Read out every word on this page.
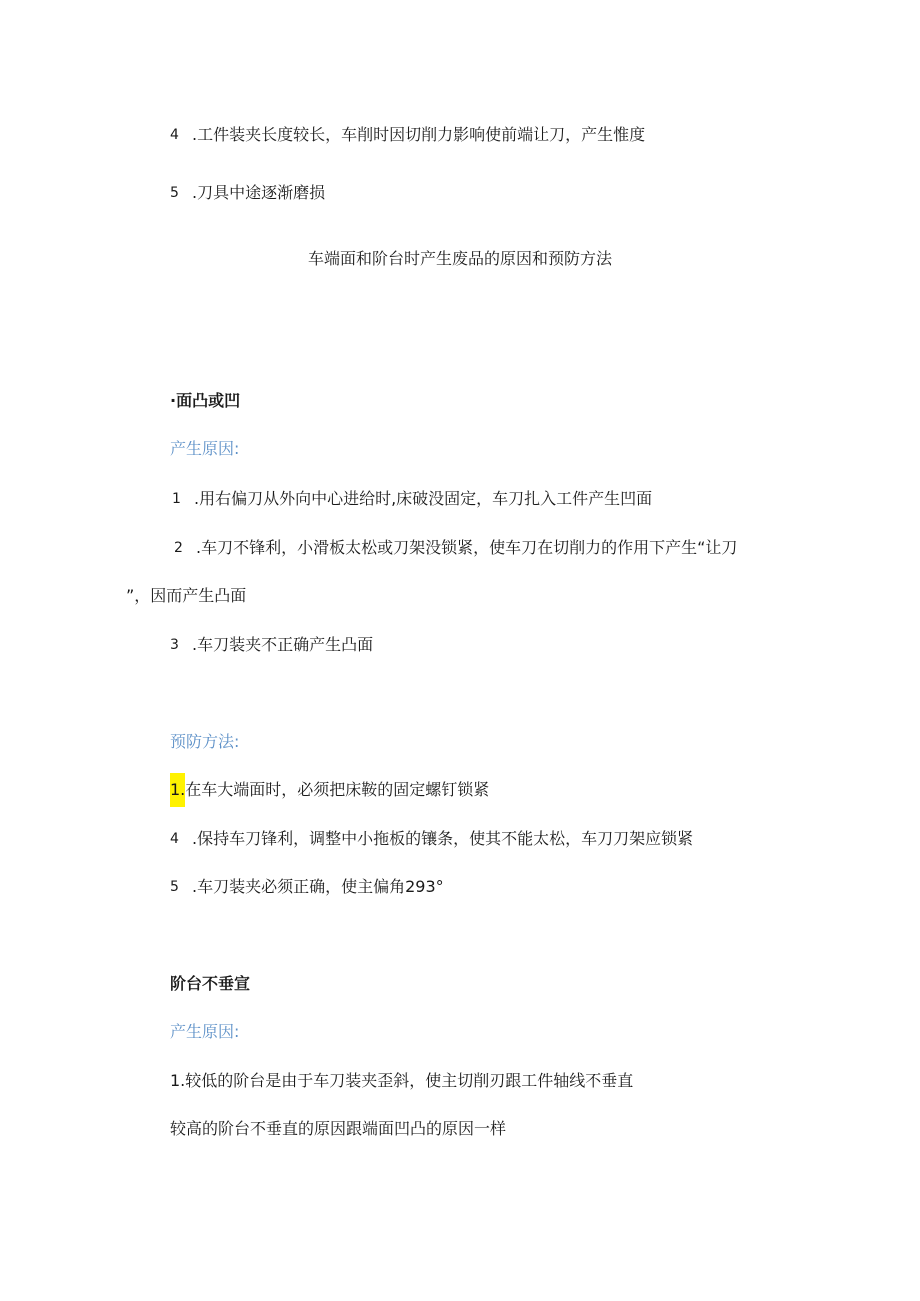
4 .工件装夹长度较长，车削时因切削力影响使前端让刀，产生惟度
5 .刀具中途逐渐磨损
车端面和阶台时产生废品的原因和预防方法
·面凸或凹
产生原因:
1 .用右偏刀从外向中心进给时,床破没固定，车刀扎入工件产生凹面
2 .车刀不锋利，小滑板太松或刀架没锁紧，使车刀在切削力的作用下产生“让刀
”，因而产生凸面
3 .车刀装夹不正确产生凸面
预防方法:
1.在车大端面时，必须把床鞍的固定螺钉锁紧
4 .保持车刀锋利，调整中小拖板的镶条，使其不能太松，车刀刀架应锁紧
5 .车刀装夹必须正确，使主偏角293°
阶台不垂宣
产生原因:
1.较低的阶台是由于车刀装夹歪斜，使主切削刃跟工件轴线不垂直
较高的阶台不垂直的原因跟端面凹凸的原因一样
